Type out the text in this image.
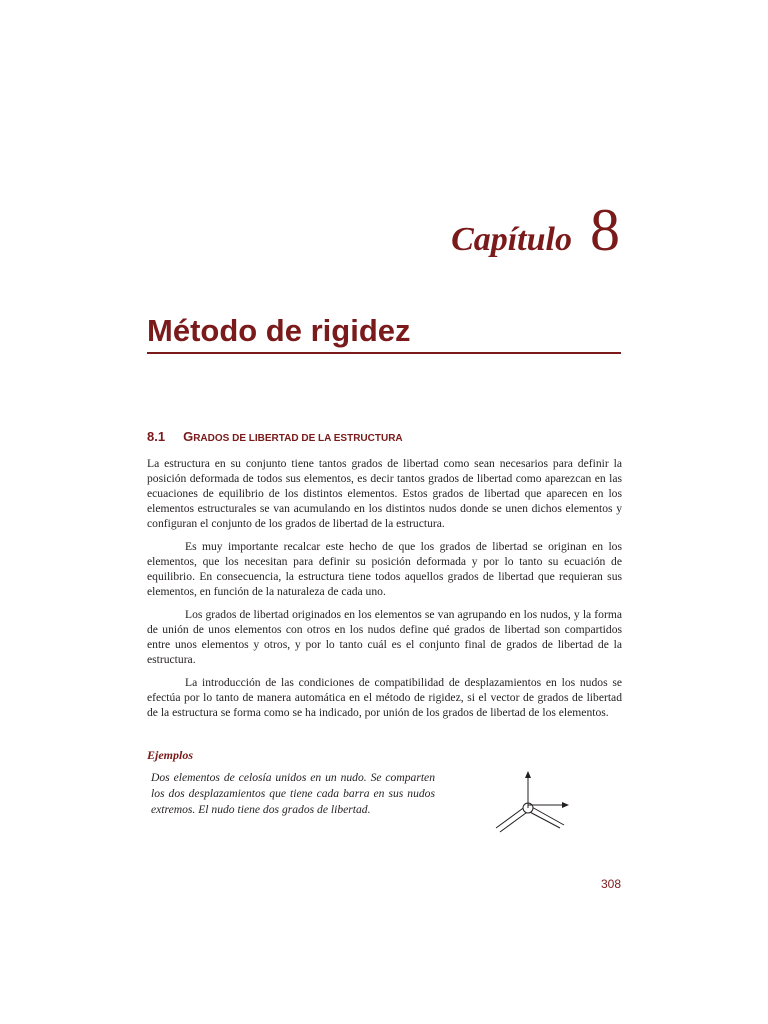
Capítulo 8
Método de rigidez
8.1 GRADOS DE LIBERTAD DE LA ESTRUCTURA

La estructura en su conjunto tiene tantos grados de libertad como sean necesarios para definir la posición deformada de todos sus elementos, es decir tantos grados de libertad como aparezcan en las ecuaciones de equilibrio de los distintos elementos. Estos grados de libertad que aparecen en los elementos estructurales se van acumulando en los distintos nudos donde se unen dichos elementos y configuran el conjunto de los grados de libertad de la estructura.

Es muy importante recalcar este hecho de que los grados de libertad se originan en los elementos, que los necesitan para definir su posición deformada y por lo tanto su ecuación de equilibrio. En consecuencia, la estructura tiene todos aquellos grados de libertad que requieran sus elementos, en función de la naturaleza de cada uno.

Los grados de libertad originados en los elementos se van agrupando en los nudos, y la forma de unión de unos elementos con otros en los nudos define qué grados de libertad son compartidos entre unos elementos y otros, y por lo tanto cuál es el conjunto final de grados de libertad de la estructura.

La introducción de las condiciones de compatibilidad de desplazamientos en los nudos se efectúa por lo tanto de manera automática en el método de rigidez, si el vector de grados de libertad de la estructura se forma como se ha indicado, por unión de los grados de libertad de los elementos.

Ejemplos
Dos elementos de celosía unidos en un nudo. Se comparten los dos desplazamientos que tiene cada barra en sus nudos extremos. El nudo tiene dos grados de libertad.
308
